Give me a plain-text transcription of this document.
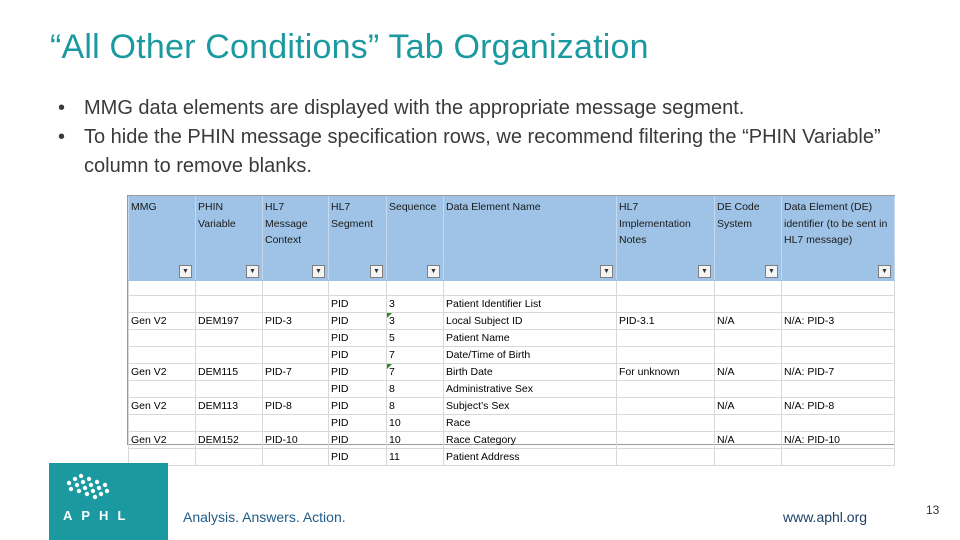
“All Other Conditions” Tab Organization
• MMG data elements are displayed with the appropriate message segment.
• To hide the PHIN message specification rows, we recommend filtering the “PHIN Variable” column to remove blanks.
MMG	PHIN Variable	HL7 Message Context	HL7 Segment	Sequence	Data Element Name	HL7 Implementation Notes	DE Code System	Data Element (DE) identifier (to be sent in HL7 message)
▼	▼	▼	▼	▼	▼	▼	▼	▼

			PID	3	Patient Identifier List			
Gen V2	DEM197	PID-3	PID	3	Local Subject ID	PID-3.1	N/A	N/A: PID-3
			PID	5	Patient Name			
			PID	7	Date/Time of Birth			
Gen V2	DEM115	PID-7	PID	7	Birth Date	For unknown	N/A	N/A: PID-7
			PID	8	Administrative Sex			
Gen V2	DEM113	PID-8	PID	8	Subject’s Sex		N/A	N/A: PID-8
			PID	10	Race			
Gen V2	DEM152	PID-10	PID	10	Race Category		N/A	N/A: PID-10
			PID	11	Patient Address			
APHL	Analysis. Answers. Action.	www.aphl.org	13
